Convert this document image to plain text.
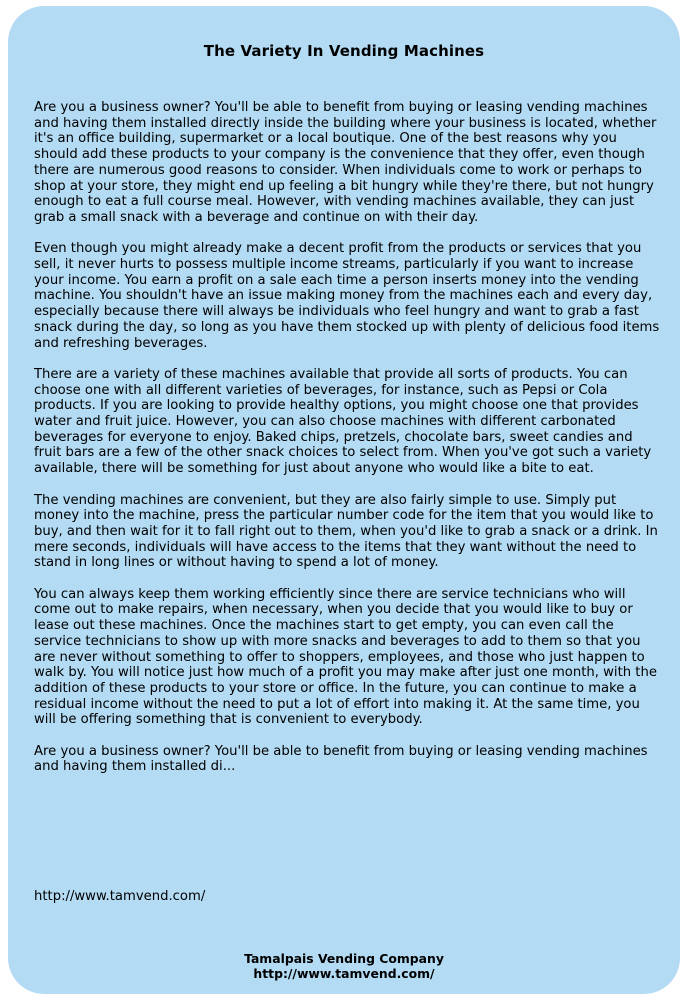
The Variety In Vending Machines

Are you a business owner? You'll be able to benefit from buying or leasing vending machines and having them installed directly inside the building where your business is located, whether it's an office building, supermarket or a local boutique. One of the best reasons why you should add these products to your company is the convenience that they offer, even though there are numerous good reasons to consider. When individuals come to work or perhaps to shop at your store, they might end up feeling a bit hungry while they're there, but not hungry enough to eat a full course meal. However, with vending machines available, they can just grab a small snack with a beverage and continue on with their day.

Even though you might already make a decent profit from the products or services that you sell, it never hurts to possess multiple income streams, particularly if you want to increase your income. You earn a profit on a sale each time a person inserts money into the vending machine. You shouldn't have an issue making money from the machines each and every day, especially because there will always be individuals who feel hungry and want to grab a fast snack during the day, so long as you have them stocked up with plenty of delicious food items and refreshing beverages.

There are a variety of these machines available that provide all sorts of products. You can choose one with all different varieties of beverages, for instance, such as Pepsi or Cola products. If you are looking to provide healthy options, you might choose one that provides water and fruit juice. However, you can also choose machines with different carbonated beverages for everyone to enjoy. Baked chips, pretzels, chocolate bars, sweet candies and fruit bars are a few of the other snack choices to select from. When you've got such a variety available, there will be something for just about anyone who would like a bite to eat.

The vending machines are convenient, but they are also fairly simple to use. Simply put money into the machine, press the particular number code for the item that you would like to buy, and then wait for it to fall right out to them, when you'd like to grab a snack or a drink. In mere seconds, individuals will have access to the items that they want without the need to stand in long lines or without having to spend a lot of money.

You can always keep them working efficiently since there are service technicians who will come out to make repairs, when necessary, when you decide that you would like to buy or lease out these machines. Once the machines start to get empty, you can even call the service technicians to show up with more snacks and beverages to add to them so that you are never without something to offer to shoppers, employees, and those who just happen to walk by. You will notice just how much of a profit you may make after just one month, with the addition of these products to your store or office. In the future, you can continue to make a residual income without the need to put a lot of effort into making it. At the same time, you will be offering something that is convenient to everybody.

Are you a business owner? You'll be able to benefit from buying or leasing vending machines and having them installed di...

http://www.tamvend.com/
Tamalpais Vending Company
http://www.tamvend.com/
